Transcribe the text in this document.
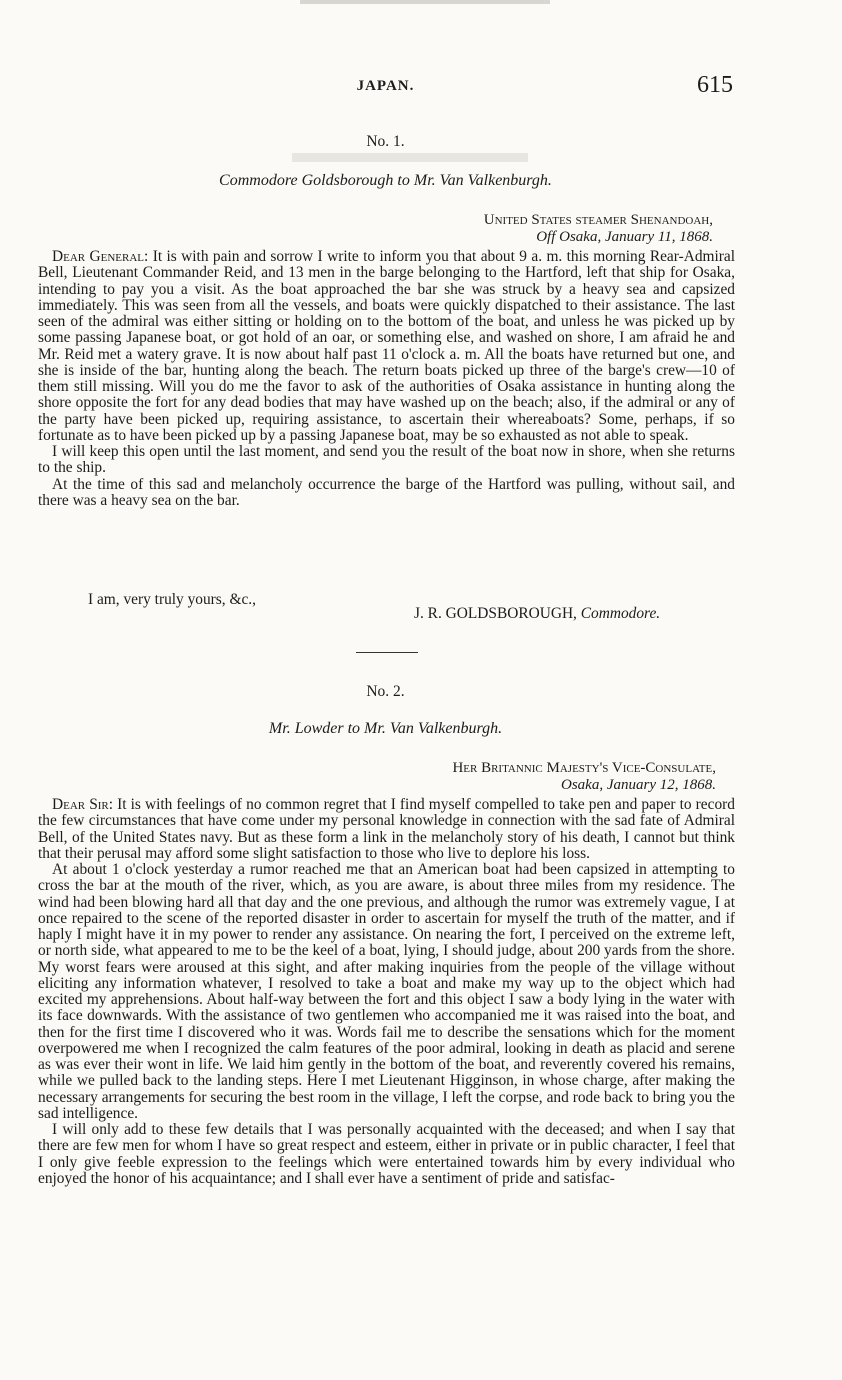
JAPAN.	615
No. 1.
Commodore Goldsborough to Mr. Van Valkenburgh.
United States steamer Shenandoah,
Off Osaka, January 11, 1868.

Dear General: It is with pain and sorrow I write to inform you that about 9 a. m. this morning Rear-Admiral Bell, Lieutenant Commander Reid, and 13 men in the barge belonging to the Hartford, left that ship for Osaka, intending to pay you a visit. As the boat approached the bar she was struck by a heavy sea and capsized immediately. This was seen from all the vessels, and boats were quickly dispatched to their assistance. The last seen of the admiral was either sitting or holding on to the bottom of the boat, and unless he was picked up by some passing Japanese boat, or got hold of an oar, or something else, and washed on shore, I am afraid he and Mr. Reid met a watery grave. It is now about half past 11 o'clock a. m. All the boats have returned but one, and she is inside of the bar, hunting along the beach. The return boats picked up three of the barge's crew—10 of them still missing. Will you do me the favor to ask of the authorities of Osaka assistance in hunting along the shore opposite the fort for any dead bodies that may have washed up on the beach; also, if the admiral or any of the party have been picked up, requiring assistance, to ascertain their whereaboats? Some, perhaps, if so fortunate as to have been picked up by a passing Japanese boat, may be so exhausted as not able to speak.

I will keep this open until the last moment, and send you the result of the boat now in shore, when she returns to the ship.

At the time of this sad and melancholy occurrence the barge of the Hartford was pulling, without sail, and there was a heavy sea on the bar.

I am, very truly yours, &c.,
J. R. GOLDSBOROUGH, Commodore.
No. 2.
Mr. Lowder to Mr. Van Valkenburgh.
Her Britannic Majesty's Vice-Consulate,
Osaka, January 12, 1868.

Dear Sir: It is with feelings of no common regret that I find myself compelled to take pen and paper to record the few circumstances that have come under my personal knowledge in connection with the sad fate of Admiral Bell, of the United States navy. But as these form a link in the melancholy story of his death, I cannot but think that their perusal may afford some slight satisfaction to those who live to deplore his loss.

At about 1 o'clock yesterday a rumor reached me that an American boat had been capsized in attempting to cross the bar at the mouth of the river, which, as you are aware, is about three miles from my residence. The wind had been blowing hard all that day and the one previous, and although the rumor was extremely vague, I at once repaired to the scene of the reported disaster in order to ascertain for myself the truth of the matter, and if haply I might have it in my power to render any assistance. On nearing the fort, I perceived on the extreme left, or north side, what appeared to me to be the keel of a boat, lying, I should judge, about 200 yards from the shore. My worst fears were aroused at this sight, and after making inquiries from the people of the village without eliciting any information whatever, I resolved to take a boat and make my way up to the object which had excited my apprehensions. About half-way between the fort and this object I saw a body lying in the water with its face downwards. With the assistance of two gentlemen who accompanied me it was raised into the boat, and then for the first time I discovered who it was. Words fail me to describe the sensations which for the moment overpowered me when I recognized the calm features of the poor admiral, looking in death as placid and serene as was ever their wont in life. We laid him gently in the bottom of the boat, and reverently covered his remains, while we pulled back to the landing steps. Here I met Lieutenant Higginson, in whose charge, after making the necessary arrangements for securing the best room in the village, I left the corpse, and rode back to bring you the sad intelligence.

I will only add to these few details that I was personally acquainted with the deceased; and when I say that there are few men for whom I have so great respect and esteem, either in private or in public character, I feel that I only give feeble expression to the feelings which were entertained towards him by every individual who enjoyed the honor of his acquaintance; and I shall ever have a sentiment of pride and satisfac-
